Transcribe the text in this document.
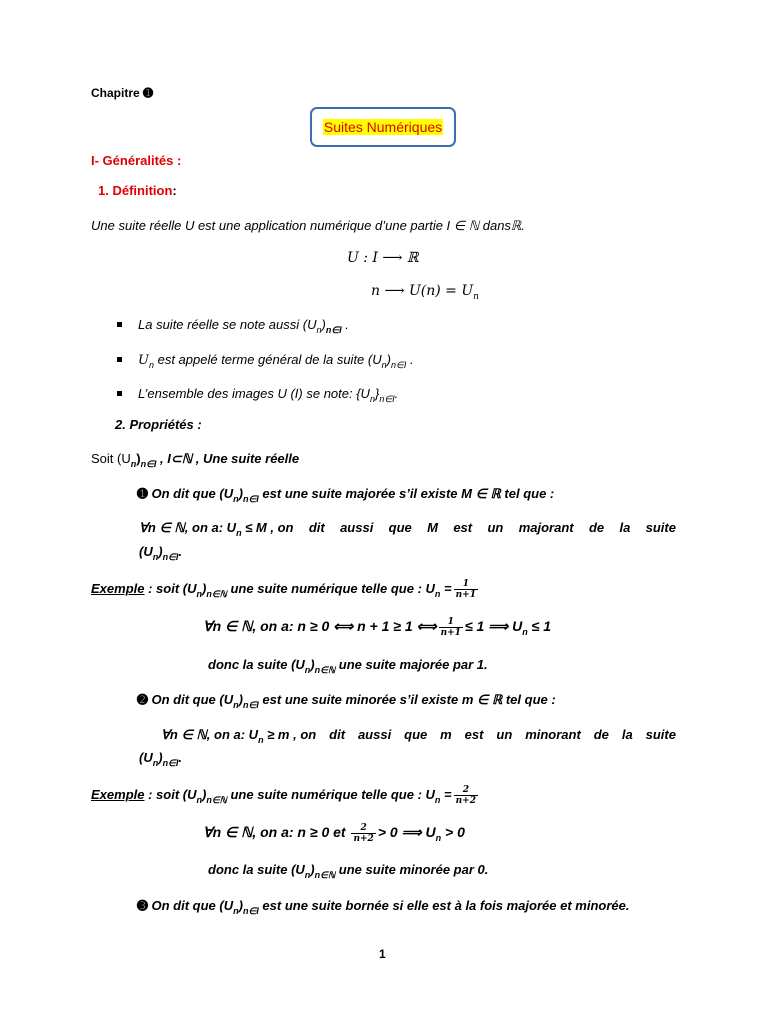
Chapitre ➊
Suites Numériques
I- Généralités :
1. Définition:
Une suite réelle U est une application numérique d’une partie I ∈ ℕ dansℝ.
U : I ⟶ ℝ
n ⟶ $U(n) = U_n$
La suite réelle se note aussi $(U_n)_{n\in I}$ .
$U_n$ est appelé terme général de la suite $(U_n)_{n\in I}$ .
L’ensemble des images U (I) se note: $\{U_n\}_{n\in I}$.
2. Propriétés :
Soit $(U_n)_{n\in I}$ , I⊂ℕ , Une suite réelle
➊ On dit que $(U_n)_{n\in I}$ est une suite majorée s’il existe M ∈ ℝ tel que :
∀n ∈ ℕ, on a: $U_n \le M$ , on dit aussi que M est un majorant de la suite
$(U_n)_{n\in I}$.
Exemple : soit $(U_n)_{n\in ℕ}$ une suite numérique telle que : $U_n = \frac{1}{n+1}$
∀n ∈ ℕ, on a: n ≥ 0 ⟺ n + 1 ≥ 1 ⟺ $\frac{1}{n+1} \le 1$ ⟹ $U_n \le 1$
donc la suite $(U_n)_{n\in ℕ}$ une suite majorée par 1.
➋ On dit que $(U_n)_{n\in I}$ est une suite minorée s’il existe m ∈ ℝ tel que :
∀n ∈ ℕ, on a: $U_n \ge m$ , on dit aussi que m est un minorant de la suite
$(U_n)_{n\in I}$.
Exemple : soit $(U_n)_{n\in ℕ}$ une suite numérique telle que : $U_n = \frac{2}{n+2}$
∀n ∈ ℕ, on a: n ≥ 0 et $\frac{2}{n+2} > 0$ ⟹ $U_n > 0$
donc la suite $(U_n)_{n\in ℕ}$ une suite minorée par 0.
➌ On dit que $(U_n)_{n\in I}$ est une suite bornée si elle est à la fois majorée et minorée.
1
